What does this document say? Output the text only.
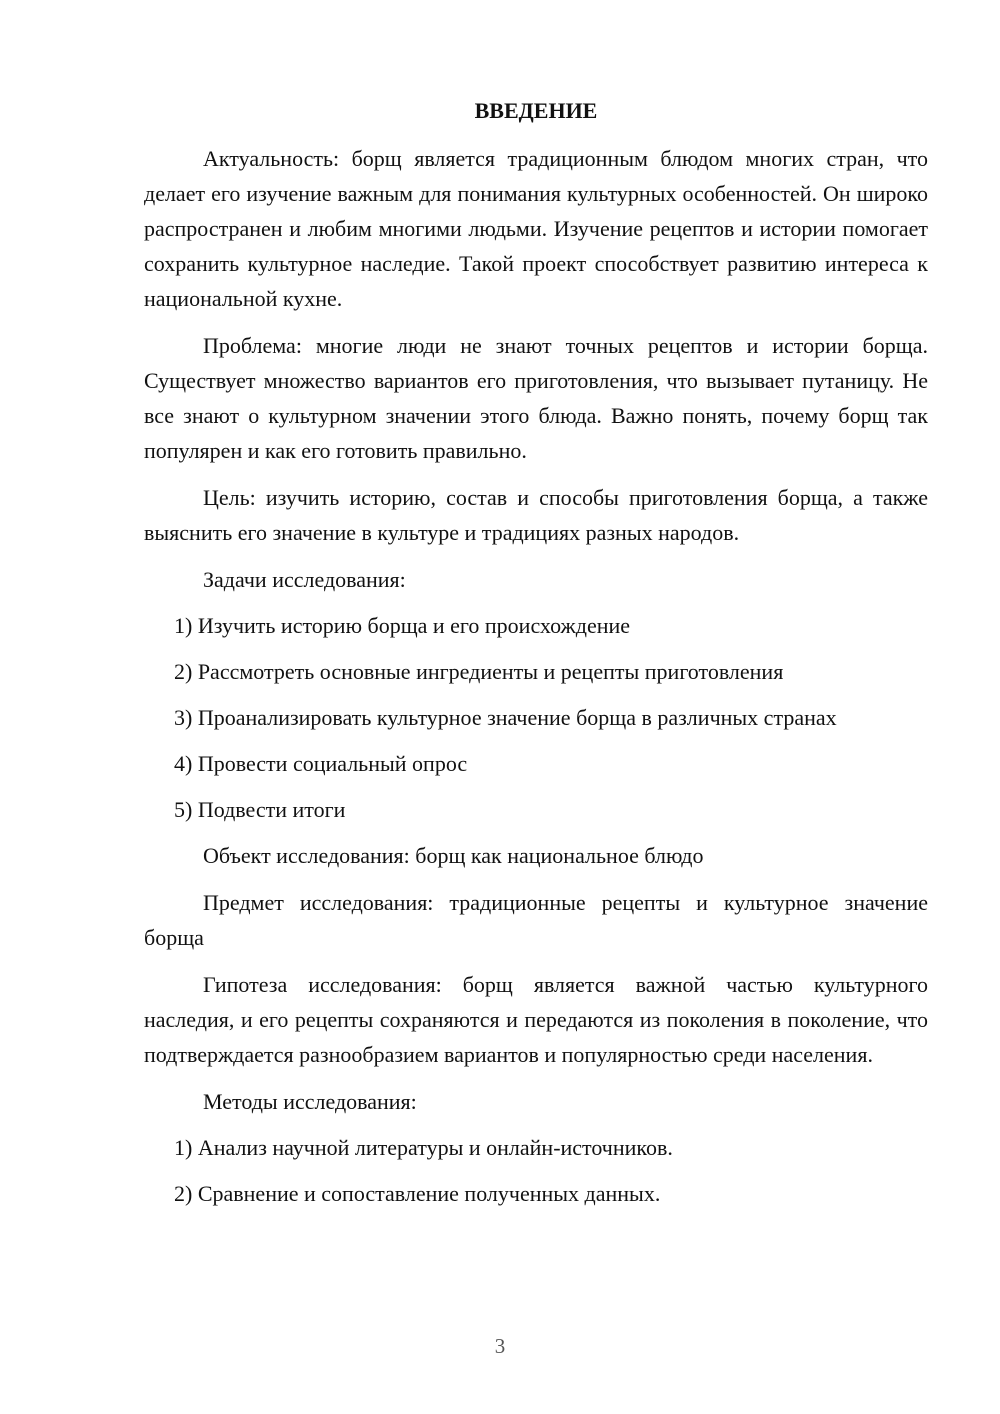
ВВЕДЕНИЕ
Актуальность: борщ является традиционным блюдом многих стран, что делает его изучение важным для понимания культурных особенностей. Он широко распространен и любим многими людьми. Изучение рецептов и истории помогает сохранить культурное наследие. Такой проект способствует развитию интереса к национальной кухне.
Проблема: многие люди не знают точных рецептов и истории борща. Существует множество вариантов его приготовления, что вызывает путаницу. Не все знают о культурном значении этого блюда. Важно понять, почему борщ так популярен и как его готовить правильно.
Цель: изучить историю, состав и способы приготовления борща, а также выяснить его значение в культуре и традициях разных народов.
Задачи исследования:
1) Изучить историю борща и его происхождение
2) Рассмотреть основные ингредиенты и рецепты приготовления
3) Проанализировать культурное значение борща в различных странах
4) Провести социальный опрос
5) Подвести итоги
Объект исследования: борщ как национальное блюдо
Предмет исследования: традиционные рецепты и культурное значение борща
Гипотеза исследования: борщ является важной частью культурного наследия, и его рецепты сохраняются и передаются из поколения в поколение, что подтверждается разнообразием вариантов и популярностью среди населения.
Методы исследования:
1) Анализ научной литературы и онлайн-источников.
2) Сравнение и сопоставление полученных данных.
3
